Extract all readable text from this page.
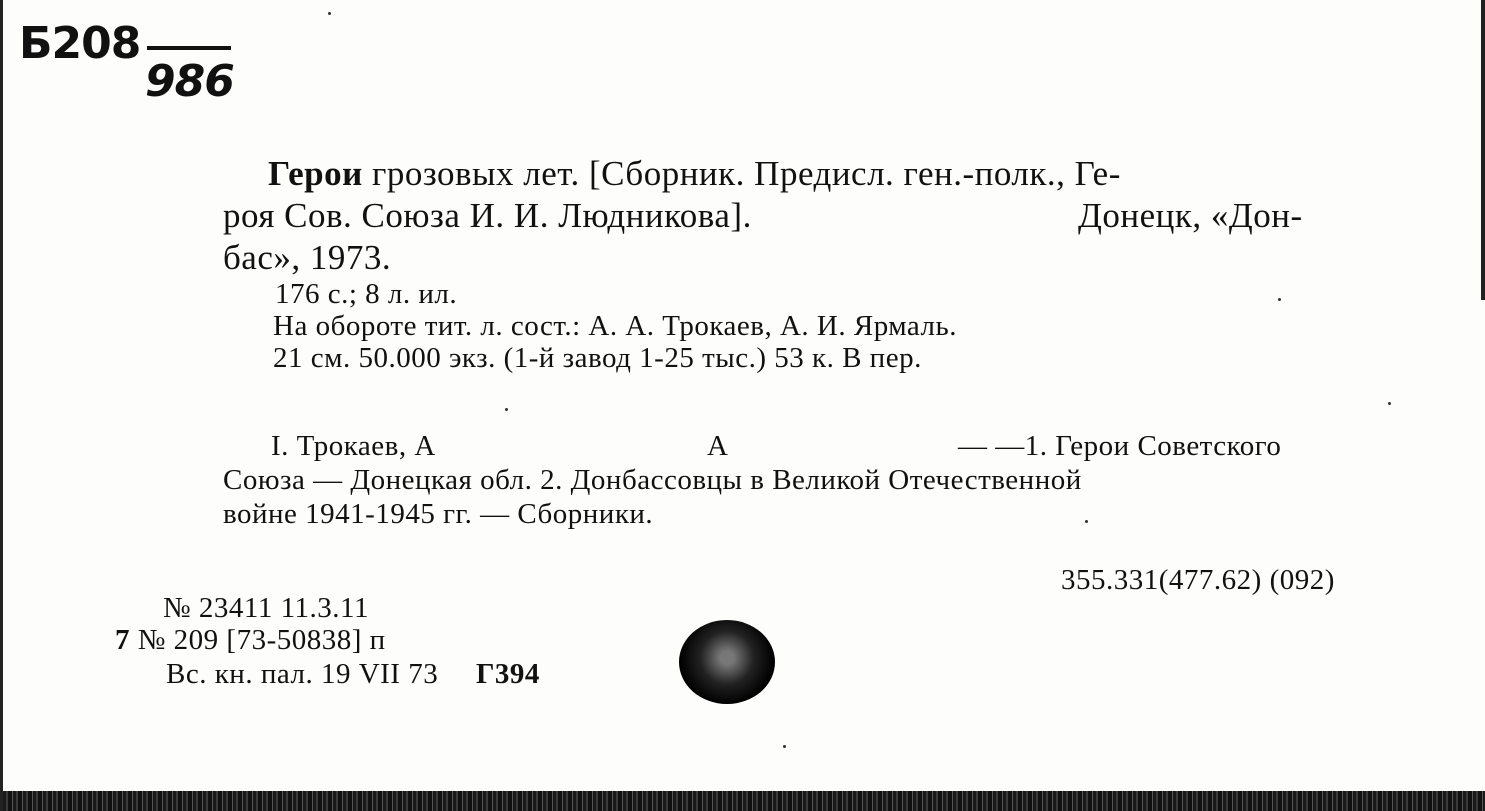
Б208
986
Герои грозовых лет. [Сборник. Предисл. ген.-полк., Ге-
роя Сов. Союза И. И. Людникова].	Донецк, «Дон-
бас», 1973.
176 с.; 8 л. ил.
На обороте тит. л. сост.: А. А. Трокаев, А. И. Ярмаль.
21 см. 50.000 экз. (1-й завод 1-25 тыс.) 53 к. В пер.
I. Трокаев, А	А	— —1. Герои Советского
Союза — Донецкая обл. 2. Донбассовцы в Великой Отечественной
войне 1941-1945 гг. — Сборники.
355.331(477.62) (092)
№ 23411 11.3.11
7 № 209 [73-50838] п
Вс. кн. пал. 19 VII 73 Г394
